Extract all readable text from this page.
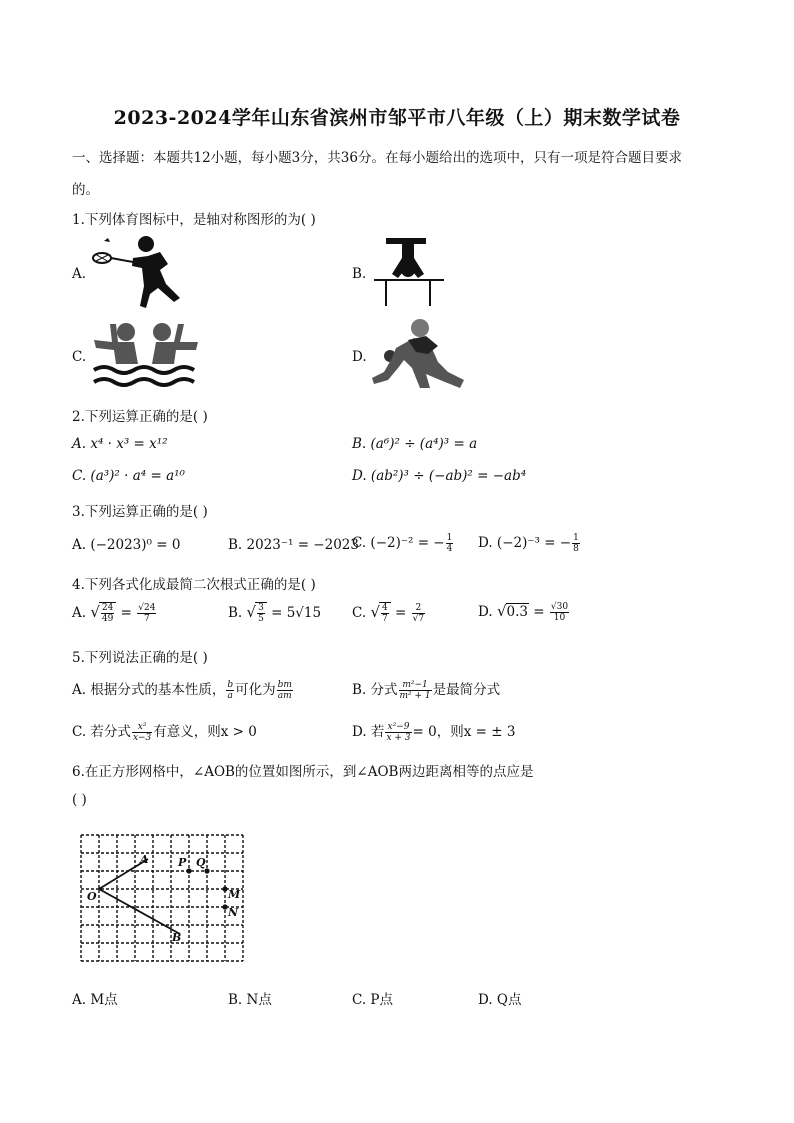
2023-2024学年山东省滨州市邹平市八年级（上）期末数学试卷
一、选择题：本题共12小题，每小题3分，共36分。在每小题给出的选项中，只有一项是符合题目要求
的。
1.下列体育图标中，是轴对称图形的为( )
A.	B.
C.	D.
2.下列运算正确的是( )
A. x⁴ · x³ = x¹²	B. (a⁶)² ÷ (a⁴)³ = a
C. (a³)² · a⁴ = a¹⁰	D. (ab²)³ ÷ (−ab)² = −ab⁴
3.下列运算正确的是( )
A. (−2023)⁰ = 0	B. 2023⁻¹ = −2023
C. (−2)⁻² = − $\frac{1}{4} D$. (−2)⁻³ = − $\frac{1}{8}$
4.下列各式化成最简二次根式正确的是( )
A. √ $\frac{24}{49} = \frac{√24}{7}$	B. √ $\frac{3}{5} = 5√15$ C. √ $\frac{4}{7} = \frac{2}{√7}$	D. $√0.3 = \frac{√30}{10}$
5.下列说法正确的是( )
A. 根据分式的基本性质， $\frac{b}{a}$ 可化为 $\frac{bm}{am}$	B. 分式 $\frac{\text{m²−1}}{\text{m² + 1}}$ 是最简分式
C. 若分式 $\frac{\text{x²}}{x-3}$ 有意义，则x > 0	D. 若 $\frac{\text{x²−9}}{x + 3} = 0$，则x = ± 3
6.在正方形网格中，∠AOB的位置如图所示，到∠AOB两边距离相等的点应是
( )
O
A
B
P Q
M
N
A. M点	B. N点	C. P点	D. Q点
